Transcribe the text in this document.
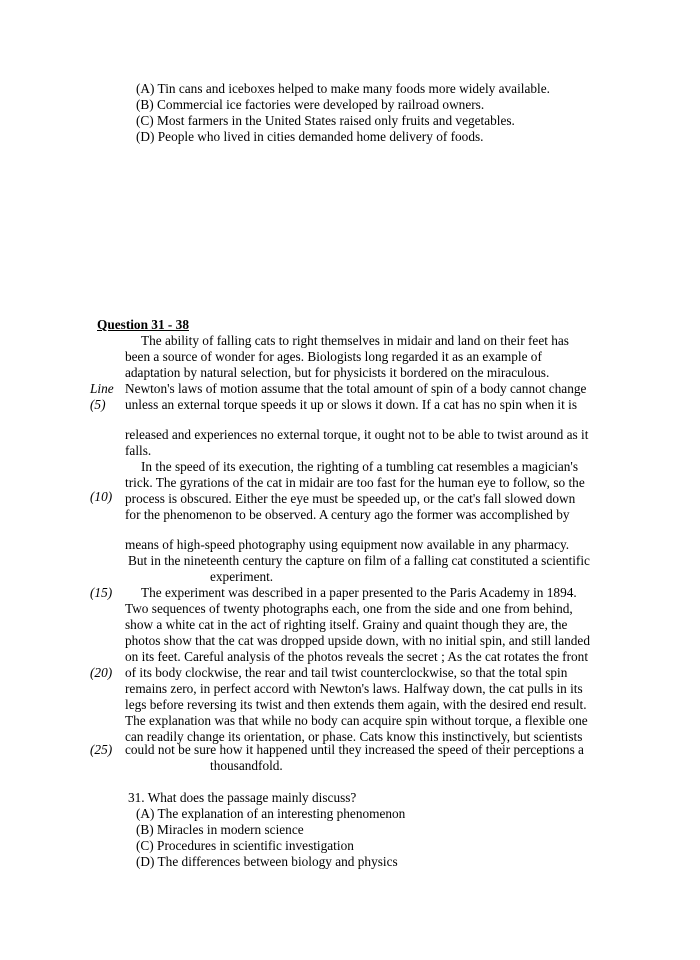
(A) Tin cans and iceboxes helped to make many foods more widely available.
(B) Commercial ice factories were developed by railroad owners.
(C) Most farmers in the United States raised only fruits and vegetables.
(D) People who lived in cities demanded home delivery of foods.
Question 31 - 38
Line
(5)
(10)
(15)
(20)
(25)
The ability of falling cats to right themselves in midair and land on their feet has
been a source of wonder for ages. Biologists long regarded it as an example of
adaptation by natural selection, but for physicists it bordered on the miraculous.
Newton's laws of motion assume that the total amount of spin of a body cannot change
unless an external torque speeds it up or slows it down. If a cat has no spin when it is
released and experiences no external torque, it ought not to be able to twist around as it
falls.
In the speed of its execution, the righting of a tumbling cat resembles a magician's
trick. The gyrations of the cat in midair are too fast for the human eye to follow, so the
process is obscured. Either the eye must be speeded up, or the cat's fall slowed down
for the phenomenon to be observed. A century ago the former was accomplished by
means of high-speed photography using equipment now available in any pharmacy.
But in the nineteenth century the capture on film of a falling cat constituted a scientific
experiment.
The experiment was described in a paper presented to the Paris Academy in 1894.
Two sequences of twenty photographs each, one from the side and one from behind,
show a white cat in the act of righting itself. Grainy and quaint though they are, the
photos show that the cat was dropped upside down, with no initial spin, and still landed
on its feet. Careful analysis of the photos reveals the secret ; As the cat rotates the front
of its body clockwise, the rear and tail twist counterclockwise, so that the total spin
remains zero, in perfect accord with Newton's laws. Halfway down, the cat pulls in its
legs before reversing its twist and then extends them again, with the desired end result.
The explanation was that while no body can acquire spin without torque, a flexible one
can readily change its orientation, or phase. Cats know this instinctively, but scientists
could not be sure how it happened until they increased the speed of their perceptions a
thousandfold.
31. What does the passage mainly discuss?
(A) The explanation of an interesting phenomenon
(B) Miracles in modern science
(C) Procedures in scientific investigation
(D) The differences between biology and physics
